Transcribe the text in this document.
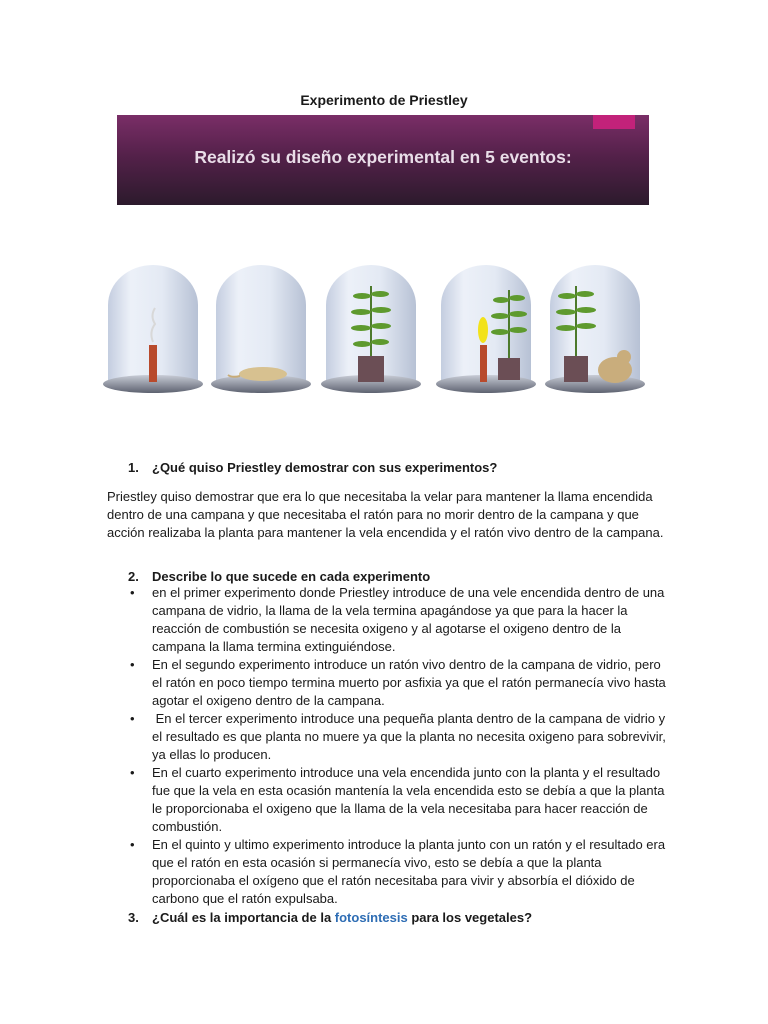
Experimento de Priestley
Realizó su diseño experimental en 5 eventos:
1. ¿Qué quiso Priestley demostrar con sus experimentos?
Priestley quiso demostrar que era lo que necesitaba la velar para mantener la llama encendida dentro de una campana y que necesitaba el ratón para no morir dentro de la campana y que acción realizaba la planta para mantener la vela encendida y el ratón vivo dentro de la campana.
2. Describe lo que sucede en cada experimento
• en el primer experimento donde Priestley introduce de una vele encendida dentro de una campana de vidrio, la llama de la vela termina apagándose ya que para la hacer la reacción de combustión se necesita oxigeno y al agotarse el oxigeno dentro de la campana la llama termina extinguiéndose.
• En el segundo experimento introduce un ratón vivo dentro de la campana de vidrio, pero el ratón en poco tiempo termina muerto por asfixia ya que el ratón permanecía vivo hasta agotar el oxigeno dentro de la campana.
• En el tercer experimento introduce una pequeña planta dentro de la campana de vidrio y el resultado es que planta no muere ya que la planta no necesita oxigeno para sobrevivir, ya ellas lo producen.
• En el cuarto experimento introduce una vela encendida junto con la planta y el resultado fue que la vela en esta ocasión mantenía la vela encendida esto se debía a que la planta le proporcionaba el oxigeno que la llama de la vela necesitaba para hacer reacción de combustión.
• En el quinto y ultimo experimento introduce la planta junto con un ratón y el resultado era que el ratón en esta ocasión si permanecía vivo, esto se debía a que la planta proporcionaba el oxígeno que el ratón necesitaba para vivir y absorbía el dióxido de carbono que el ratón expulsaba.
3. ¿Cuál es la importancia de la fotosíntesis para los vegetales?
